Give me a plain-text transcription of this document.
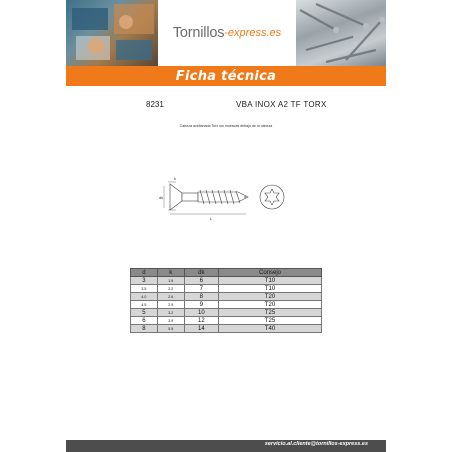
Tornillos -express.es
Ficha técnica
8231	VBA INOX A2 TF TORX
Cabeza avellanada Torx sin muescas debajo de la cabeza
dk	d
k
L
d	k	dk	Consejo
3	1.9	6	T10
3.5	2.2	7	T10
4.0	2.6	8	T20
4.5	2.9	9	T20
5	3.2	10	T25
6	3.9	12	T25
8	5.5	14	T40
servicio.al.cliente@tornillos-express.es
